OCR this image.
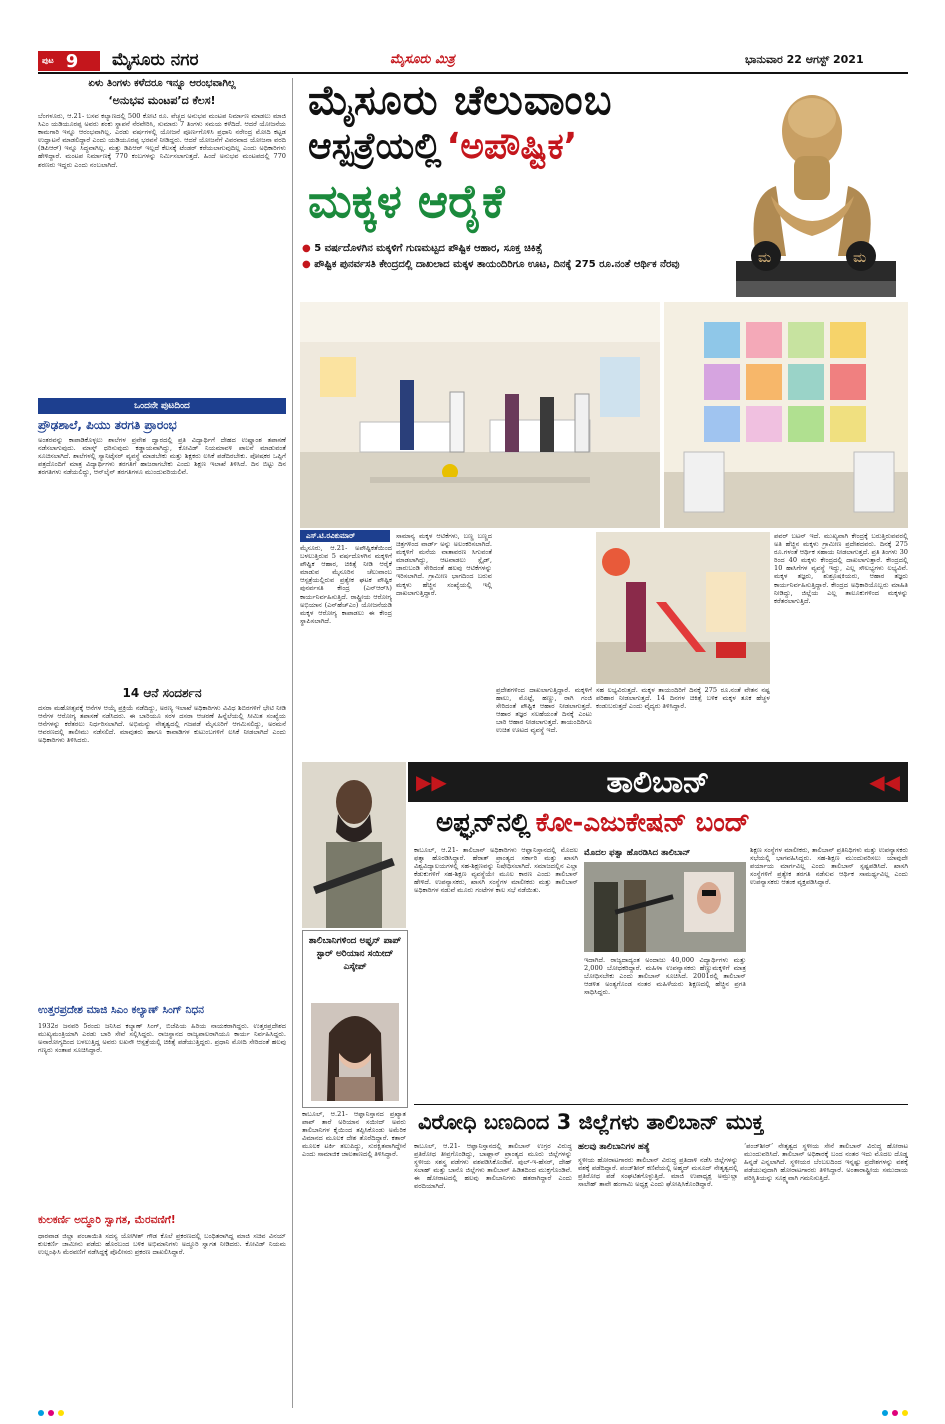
ಪುಟ 9 ಮೈಸೂರು ನಗರ	ಮೈಸೂರು ಮಿತ್ರ	ಭಾನುವಾರ 22 ಆಗಸ್ಟ್ 2021
ಏಳು ತಿಂಗಳು ಕಳೆದರೂ ಇನ್ನೂ ಆರಂಭವಾಗಿಲ್ಲ
‘ಅನುಭವ ಮಂಟಪ’ದ ಕೆಲಸ!
ಬೆಂಗಳೂರು, ಆ.21- ಬಸವ ಕಲ್ಯಾಣದಲ್ಲಿ 500 ಕೋಟಿ ರೂ. ವೆಚ್ಚದ ಅನುಭವ ಮಂಟಪ ನಿರ್ಮಾಣ ಮಾಡಲು ಮಾಜಿ ಸಿಎಂ ಯಡಿಯೂರಪ್ಪ ಅವರು ಶಂಕು ಸ್ಥಾಪನೆ ನೆರವೇರಿಸಿ, ಸುಮಾರು 7 ತಿಂಗಳು ಸಮಯ ಕಳೆದಿದೆ. ಆದರೆ ಯೋಜನೆಯ ಕಾಮಗಾರಿ ಇನ್ನೂ ಆರಂಭವಾಗಿಲ್ಲ. ಎರಡು ವರ್ಷಗಳಲ್ಲಿ ಯೋಜನೆ ಪೂರ್ಣಗೊಳಿಸಿ ಪ್ರಧಾನಿ ನರೇಂದ್ರ ಮೋದಿ ಕಟ್ಟಡ ಉದ್ಘಾಟನೆ ಮಾಡಲಿದ್ದಾರೆ ಎಂದು ಯಡಿಯೂರಪ್ಪ ಭರವಸೆ ನೀಡಿದ್ದರು. ಆದರೆ ಯೋಜನೆಗೆ ವಿವರವಾದ ಯೋಜನಾ ವರದಿ (ಡಿಪಿಆರ್) ಇನ್ನೂ ಸಿದ್ಧವಾಗಿಲ್ಲ. ಮತ್ತು ಡಿಪಿಆರ್ ಇಲ್ಲದೆ ಕೆಲಸಕ್ಕೆ ಟೆಂಡರ್ ಕರೆಯಲಾಗುವುದಿಲ್ಲ ಎಂದು ಅಧಿಕಾರಿಗಳು ಹೇಳಿದ್ದಾರೆ. ಮಂಟಪ ನಿರ್ಮಾಣಕ್ಕೆ 770 ಕಂಬಗಳನ್ನು ನಿರ್ಮಿಸಲಾಗುತ್ತದೆ. ಹಿಂದೆ ಅನುಭವ ಮಂಟಪದಲ್ಲಿ 770 ಶರಣರು ಇದ್ದರು ಎಂದು ನಂಬಲಾಗಿದೆ.
ಒಂದನೇ ಪುಟದಿಂದ
ಪ್ರೌಢಶಾಲೆ, ಪಿಯು ತರಗತಿ ಪ್ರಾರಂಭ
ಅಂತರವನ್ನು ಕಾಪಾಡಿಕೊಳ್ಳಲು ಶಾಲೆಗಳ ಪ್ರವೇಶ ದ್ವಾರದಲ್ಲಿ ಪ್ರತಿ ವಿದ್ಯಾರ್ಥಿಗೆ ದೇಹದ ಉಷ್ಣಾಂಶ ತಪಾಸಣೆ ನಡೆಸಲಾಗುವುದು. ಮಾಸ್ಕ್ ಧರಿಸುವುದು ಕಡ್ಡಾಯವಾಗಿದ್ದು, ಕೋವಿಡ್ ನಿಯಮಾವಳಿ ಪಾಲನೆ ಮಾಡುವಂತೆ ಸೂಚಿಸಲಾಗಿದೆ. ಶಾಲೆಗಳಲ್ಲಿ ಸ್ಯಾನಿಟೈಸರ್ ವ್ಯವಸ್ಥೆ ಮಾಡಬೇಕು ಮತ್ತು ಶಿಕ್ಷಕರು ಲಸಿಕೆ ಪಡೆದಿರಬೇಕು. ಪೋಷಕರ ಒಪ್ಪಿಗೆ ಪತ್ರದೊಂದಿಗೆ ಮಾತ್ರ ವಿದ್ಯಾರ್ಥಿಗಳು ತರಗತಿಗೆ ಹಾಜರಾಗಬೇಕು ಎಂದು ಶಿಕ್ಷಣ ಇಲಾಖೆ ತಿಳಿಸಿದೆ. ದಿನ ಬಿಟ್ಟು ದಿನ ತರಗತಿಗಳು ನಡೆಯಲಿದ್ದು, ಆನ್‌ಲೈನ್ ತರಗತಿಗಳೂ ಮುಂದುವರಿಯಲಿವೆ.
14 ಆನೆ ಸಂದರ್ಶನ
ದಸರಾ ಮಹೋತ್ಸವಕ್ಕೆ ಆನೆಗಳ ಆಯ್ಕೆ ಪ್ರಕ್ರಿಯೆ ನಡೆದಿದ್ದು, ಅರಣ್ಯ ಇಲಾಖೆ ಅಧಿಕಾರಿಗಳು ವಿವಿಧ ಶಿಬಿರಗಳಿಗೆ ಭೇಟಿ ನೀಡಿ ಆನೆಗಳ ಆರೋಗ್ಯ ತಪಾಸಣೆ ನಡೆಸಿದರು. ಈ ಬಾರಿಯೂ ಸರಳ ದಸರಾ ಆಚರಣೆ ಹಿನ್ನೆಲೆಯಲ್ಲಿ ಸೀಮಿತ ಸಂಖ್ಯೆಯ ಆನೆಗಳನ್ನು ಕರೆತರಲು ನಿರ್ಧರಿಸಲಾಗಿದೆ. ಅಭಿಮನ್ಯು ನೇತೃತ್ವದಲ್ಲಿ ಗಜಪಡೆ ಮೈಸೂರಿಗೆ ಆಗಮಿಸಲಿದ್ದು, ಅರಮನೆ ಆವರಣದಲ್ಲಿ ತಾಲೀಮು ನಡೆಸಲಿದೆ. ಮಾವುತರು ಹಾಗೂ ಕಾವಾಡಿಗಳ ಕುಟುಂಬಗಳಿಗೆ ಲಸಿಕೆ ನೀಡಲಾಗಿದೆ ಎಂದು ಅಧಿಕಾರಿಗಳು ತಿಳಿಸಿದರು.
ಉತ್ತರಪ್ರದೇಶ ಮಾಜಿ ಸಿಎಂ ಕಲ್ಯಾಣ್ ಸಿಂಗ್ ನಿಧನ
1932ರ ಜನವರಿ 5ರಂದು ಜನಿಸಿದ ಕಲ್ಯಾಣ್ ಸಿಂಗ್, ಬಿಜೆಪಿಯ ಹಿರಿಯ ನಾಯಕರಾಗಿದ್ದರು. ಉತ್ತರಪ್ರದೇಶದ ಮುಖ್ಯಮಂತ್ರಿಯಾಗಿ ಎರಡು ಬಾರಿ ಸೇವೆ ಸಲ್ಲಿಸಿದ್ದರು. ರಾಜಸ್ಥಾನದ ರಾಜ್ಯಪಾಲರಾಗಿಯೂ ಕಾರ್ಯ ನಿರ್ವಹಿಸಿದ್ದರು. ಅನಾರೋಗ್ಯದಿಂದ ಬಳಲುತ್ತಿದ್ದ ಅವರು ಲಖನೌ ಆಸ್ಪತ್ರೆಯಲ್ಲಿ ಚಿಕಿತ್ಸೆ ಪಡೆಯುತ್ತಿದ್ದರು. ಪ್ರಧಾನಿ ಮೋದಿ ಸೇರಿದಂತೆ ಹಲವು ಗಣ್ಯರು ಸಂತಾಪ ಸೂಚಿಸಿದ್ದಾರೆ.
ಕುಲಕರ್ಣಿ ಅದ್ಧೂರಿ ಸ್ವಾಗತ, ಮೆರವಣಿಗೆ!
ಧಾರವಾಡ ಜಿಲ್ಲಾ ಪಂಚಾಯಿತಿ ಸದಸ್ಯ ಯೋಗೀಶ್ ಗೌಡ ಕೊಲೆ ಪ್ರಕರಣದಲ್ಲಿ ಬಂಧಿತರಾಗಿದ್ದ ಮಾಜಿ ಸಚಿವ ವಿನಯ್ ಕುಲಕರ್ಣಿ ಜಾಮೀನು ಪಡೆದು ಹೊರಬಂದ ಬಳಿಕ ಅಭಿಮಾನಿಗಳು ಅದ್ಧೂರಿ ಸ್ವಾಗತ ನೀಡಿದರು. ಕೋವಿಡ್ ನಿಯಮ ಉಲ್ಲಂಘಿಸಿ ಮೆರವಣಿಗೆ ನಡೆಸಿದ್ದಕ್ಕೆ ಪೊಲೀಸರು ಪ್ರಕರಣ ದಾಖಲಿಸಿದ್ದಾರೆ.
ಮೈಸೂರು ಚೆಲುವಾಂಬ
ಆಸ್ಪತ್ರೆಯಲ್ಲಿ ‘ಅಪೌಷ್ಟಿಕ’
ಮಕ್ಕಳ ಆರೈಕೆ
ಮ	ಮ
● 5 ವರ್ಷದೊಳಗಿನ ಮಕ್ಕಳಿಗೆ ಗುಣಮಟ್ಟದ ಪೌಷ್ಟಿಕ ಆಹಾರ, ಸೂಕ್ತ ಚಿಕಿತ್ಸೆ
● ಪೌಷ್ಟಿಕ ಪುನರ್ವಸತಿ ಕೇಂದ್ರದಲ್ಲಿ ದಾಖಲಾದ ಮಕ್ಕಳ ತಾಯಂದಿರಿಗೂ ಊಟ, ದಿನಕ್ಕೆ 275 ರೂ.ನಂತೆ ಆರ್ಥಿಕ ನೆರವು
ಎಸ್.ಟಿ.ರವಿಕುಮಾರ್
ಮೈಸೂರು, ಆ.21- ಅಪೌಷ್ಟಿಕತೆಯಿಂದ ಬಳಲುತ್ತಿರುವ 5 ವರ್ಷದೊಳಗಿನ ಮಕ್ಕಳಿಗೆ ಪೌಷ್ಟಿಕ ಆಹಾರ, ಚಿಕಿತ್ಸೆ ನೀಡಿ ಆರೈಕೆ ಮಾಡುವ ಮೈಸೂರಿನ ಚೆಲುವಾಂಬ ಆಸ್ಪತ್ರೆಯಲ್ಲಿರುವ ಪ್ರತ್ಯೇಕ ಘಟಕ ಪೌಷ್ಟಿಕ ಪುನರ್ವಸತಿ ಕೇಂದ್ರ (ಎನ್‌ಆರ್‌ಸಿ) ಕಾರ್ಯನಿರ್ವಹಿಸುತ್ತಿದೆ. ರಾಷ್ಟ್ರೀಯ ಆರೋಗ್ಯ ಅಭಿಯಾನ (ಎನ್‌ಹೆಚ್‌ಎಂ) ಯೋಜನೆಯಡಿ ಮಕ್ಕಳ ಆರೋಗ್ಯ ಕಾಪಾಡಲು ಈ ಕೇಂದ್ರ ಸ್ಥಾಪಿಸಲಾಗಿದೆ.
ಸಾಮಾನ್ಯ ಮಕ್ಕಳ ಆಟಿಕೆಗಳು, ಬಣ್ಣ ಬಣ್ಣದ ಚಿತ್ರಗಳಿಂದ ವಾರ್ಡ್ ಅನ್ನು ಅಲಂಕರಿಸಲಾಗಿದೆ. ಮಕ್ಕಳಿಗೆ ಮನೆಯ ವಾತಾವರಣ ಸಿಗುವಂತೆ ಮಾಡಲಾಗಿದ್ದು, ಆಟವಾಡಲು ಸ್ಲೈಡ್, ಜಾರುಬಂಡಿ ಸೇರಿದಂತೆ ಹಲವು ಆಟಿಕೆಗಳನ್ನು ಇರಿಸಲಾಗಿದೆ. ಗ್ರಾಮೀಣ ಭಾಗದಿಂದ ಬರುವ ಮಕ್ಕಳು ಹೆಚ್ಚಿನ ಸಂಖ್ಯೆಯಲ್ಲಿ ಇಲ್ಲಿ ದಾಖಲಾಗುತ್ತಿದ್ದಾರೆ.
ಪ್ರದೇಶಗಳಿಂದ ದಾಖಲಾಗುತ್ತಿದ್ದಾರೆ. ಮಕ್ಕಳಿಗೆ ಹಾಲು, ಮೊಟ್ಟೆ, ಹಣ್ಣು, ರಾಗಿ ಗಂಜಿ ಸೇರಿದಂತೆ ಪೌಷ್ಟಿಕ ಆಹಾರ ನೀಡಲಾಗುತ್ತದೆ. ಆಹಾರ ತಜ್ಞರ ಸಲಹೆಯಂತೆ ದಿನಕ್ಕೆ ಎಂಟು ಬಾರಿ ಆಹಾರ ನೀಡಲಾಗುತ್ತದೆ. ತಾಯಂದಿರಿಗೂ ಉಚಿತ ಊಟದ ವ್ಯವಸ್ಥೆ ಇದೆ.
ಸಹ ಲಭ್ಯವಿರುತ್ತದೆ. ಮಕ್ಕಳ ತಾಯಂದಿರಿಗೆ ದಿನಕ್ಕೆ 275 ರೂ.ನಂತೆ ವೇತನ ನಷ್ಟ ಪರಿಹಾರ ನೀಡಲಾಗುತ್ತದೆ. 14 ದಿನಗಳ ಚಿಕಿತ್ಸೆ ಬಳಿಕ ಮಕ್ಕಳ ತೂಕ ಹೆಚ್ಚಳ ಕಂಡುಬರುತ್ತದೆ ಎಂದು ವೈದ್ಯರು ತಿಳಿಸಿದ್ದಾರೆ.
ಪವರ್ ಬಟನ್ ಇದೆ. ಮುಖ್ಯವಾಗಿ ಕೇಂದ್ರಕ್ಕೆ ಬರುತ್ತಿರುವವರಲ್ಲಿ ಅತಿ ಹೆಚ್ಚಿನ ಮಕ್ಕಳು ಗ್ರಾಮೀಣ ಪ್ರದೇಶದವರು. ದಿನಕ್ಕೆ 275 ರೂ.ಗಳಂತೆ ಆರ್ಥಿಕ ಸಹಾಯ ನೀಡಲಾಗುತ್ತದೆ. ಪ್ರತಿ ತಿಂಗಳು 30 ರಿಂದ 40 ಮಕ್ಕಳು ಕೇಂದ್ರದಲ್ಲಿ ದಾಖಲಾಗುತ್ತಾರೆ. ಕೇಂದ್ರದಲ್ಲಿ 10 ಹಾಸಿಗೆಗಳ ವ್ಯವಸ್ಥೆ ಇದ್ದು, ಎಲ್ಲ ಸೌಲಭ್ಯಗಳು ಲಭ್ಯವಿವೆ. ಮಕ್ಕಳ ತಜ್ಞರು, ಶುಶ್ರೂಷಕಿಯರು, ಆಹಾರ ತಜ್ಞರು ಕಾರ್ಯನಿರ್ವಹಿಸುತ್ತಿದ್ದಾರೆ. ಕೇಂದ್ರದ ಅಧಿಕಾರಿಯೊಬ್ಬರು ಮಾಹಿತಿ ನೀಡಿದ್ದು, ಜಿಲ್ಲೆಯ ಎಲ್ಲ ತಾಲೂಕುಗಳಿಂದ ಮಕ್ಕಳನ್ನು ಕರೆತರಲಾಗುತ್ತಿದೆ.
▶▶	ತಾಲಿಬಾನ್	◀◀
ಅಫ್ಘನ್‌ನಲ್ಲಿ ಕೋ-ಎಜುಕೇಷನ್ ಬಂದ್
ತಾಲಿಬಾನಿಗಳಿಂದ ಅಫ್ಘನ್ ಪಾಪ್ ಸ್ಟಾರ್ ಅರಿಯಾನ ಸಯೀದ್ ಎಸ್ಕೇಪ್
ಕಾಬೂಲ್, ಆ.21- ಆಫ್ಘಾನಿಸ್ತಾನದ ಪ್ರಖ್ಯಾತ ಪಾಪ್ ತಾರೆ ಅರಿಯಾನ ಸಯೀದ್ ಅವರು ತಾಲಿಬಾನಿಗಳ ಕೈಯಿಂದ ತಪ್ಪಿಸಿಕೊಂಡು ಅಮೆರಿಕ ವಿಮಾನದ ಮೂಲಕ ದೇಶ ತೊರೆದಿದ್ದಾರೆ. ಕತಾರ್ ಮೂಲಕ ಟರ್ಕಿ ತಲುಪಿದ್ದು, ಸುರಕ್ಷಿತವಾಗಿದ್ದೇನೆ ಎಂದು ಸಾಮಾಜಿಕ ಜಾಲತಾಣದಲ್ಲಿ ತಿಳಿಸಿದ್ದಾರೆ.
ಕಾಬೂಲ್, ಆ.21- ತಾಲಿಬಾನ್ ಅಧಿಕಾರಿಗಳು ಆಫ್ಘಾನಿಸ್ತಾನದಲ್ಲಿ ಮೊದಲ ಫತ್ವಾ ಹೊರಡಿಸಿದ್ದಾರೆ. ಹೆರಾತ್ ಪ್ರಾಂತ್ಯದ ಸರ್ಕಾರಿ ಮತ್ತು ಖಾಸಗಿ ವಿಶ್ವವಿದ್ಯಾಲಯಗಳಲ್ಲಿ ಸಹ-ಶಿಕ್ಷಣವನ್ನು ನಿಷೇಧಿಸಲಾಗಿದೆ. ಸಮಾಜದಲ್ಲಿನ ಎಲ್ಲಾ ಕೆಡುಕುಗಳಿಗೆ ಸಹ-ಶಿಕ್ಷಣ ವ್ಯವಸ್ಥೆಯೇ ಮೂಲ ಕಾರಣ ಎಂದು ತಾಲಿಬಾನ್ ಹೇಳಿದೆ. ಉಪನ್ಯಾಸಕರು, ಖಾಸಗಿ ಸಂಸ್ಥೆಗಳ ಮಾಲೀಕರು ಮತ್ತು ತಾಲಿಬಾನ್ ಅಧಿಕಾರಿಗಳ ನಡುವೆ ಮೂರು ಗಂಟೆಗಳ ಕಾಲ ಸಭೆ ನಡೆಯಿತು.
ಮೊದಲ ಫತ್ವಾ ಹೊರಡಿಸಿದ ತಾಲಿಬಾನ್
ಇದಾಗಿದೆ. ರಾಜ್ಯದಾದ್ಯಂತ ಅಂದಾಜು 40,000 ವಿದ್ಯಾರ್ಥಿಗಳು ಮತ್ತು 2,000 ಬೋಧಕರಿದ್ದಾರೆ. ಮಹಿಳಾ ಉಪನ್ಯಾಸಕರು ಹೆಣ್ಣುಮಕ್ಕಳಿಗೆ ಮಾತ್ರ ಬೋಧಿಸಬೇಕು ಎಂದು ತಾಲಿಬಾನ್ ಸೂಚಿಸಿದೆ. 2001ರಲ್ಲಿ ತಾಲಿಬಾನ್ ಆಡಳಿತ ಅಂತ್ಯಗೊಂಡ ನಂತರ ಮಹಿಳೆಯರು ಶಿಕ್ಷಣದಲ್ಲಿ ಹೆಚ್ಚಿನ ಪ್ರಗತಿ ಸಾಧಿಸಿದ್ದರು.
ಶಿಕ್ಷಣ ಸಂಸ್ಥೆಗಳ ಮಾಲೀಕರು, ತಾಲಿಬಾನ್ ಪ್ರತಿನಿಧಿಗಳು ಮತ್ತು ಉಪನ್ಯಾಸಕರು ಸಭೆಯಲ್ಲಿ ಭಾಗವಹಿಸಿದ್ದರು. ಸಹ-ಶಿಕ್ಷಣ ಮುಂದುವರಿಸಲು ಯಾವುದೇ ಪರ್ಯಾಯ ಮಾರ್ಗವಿಲ್ಲ ಎಂದು ತಾಲಿಬಾನ್ ಸ್ಪಷ್ಟಪಡಿಸಿದೆ. ಖಾಸಗಿ ಸಂಸ್ಥೆಗಳಿಗೆ ಪ್ರತ್ಯೇಕ ತರಗತಿ ನಡೆಸುವ ಆರ್ಥಿಕ ಸಾಮರ್ಥ್ಯವಿಲ್ಲ ಎಂದು ಉಪನ್ಯಾಸಕರು ಆತಂಕ ವ್ಯಕ್ತಪಡಿಸಿದ್ದಾರೆ.
ವಿರೋಧಿ ಬಣದಿಂದ 3 ಜಿಲ್ಲೆಗಳು ತಾಲಿಬಾನ್ ಮುಕ್ತ
ಕಾಬೂಲ್, ಆ.21- ಆಫ್ಘಾನಿಸ್ತಾನದಲ್ಲಿ ತಾಲಿಬಾನ್ ಉಗ್ರರ ವಿರುದ್ಧ ಪ್ರತಿರೋಧ ತೀವ್ರಗೊಂಡಿದ್ದು, ಬಾಘ್ಲಾನ್ ಪ್ರಾಂತ್ಯದ ಮೂರು ಜಿಲ್ಲೆಗಳನ್ನು ಸ್ಥಳೀಯ ಸಶಸ್ತ್ರ ಪಡೆಗಳು ವಶಪಡಿಸಿಕೊಂಡಿವೆ. ಪುಲ್-ಇ-ಹೆಸರ್, ದೇಹ್ ಸಲಾಹ್ ಮತ್ತು ಬಾನೊ ಜಿಲ್ಲೆಗಳು ತಾಲಿಬಾನ್ ಹಿಡಿತದಿಂದ ಮುಕ್ತಗೊಂಡಿವೆ. ಈ ಹೋರಾಟದಲ್ಲಿ ಹಲವು ತಾಲಿಬಾನಿಗಳು ಹತರಾಗಿದ್ದಾರೆ ಎಂದು ವರದಿಯಾಗಿದೆ.
ಹಲವು ತಾಲಿಬಾನಿಗಳ ಹತ್ಯೆ
ಸ್ಥಳೀಯ ಹೋರಾಟಗಾರರು ತಾಲಿಬಾನ್ ವಿರುದ್ಧ ಪ್ರತಿದಾಳಿ ನಡೆಸಿ ಜಿಲ್ಲೆಗಳನ್ನು ವಶಕ್ಕೆ ಪಡೆದಿದ್ದಾರೆ. ಪಂಜ್‌ಶೀರ್ ಕಣಿವೆಯಲ್ಲಿ ಅಹ್ಮದ್ ಮಸೂದ್ ನೇತೃತ್ವದಲ್ಲಿ ಪ್ರತಿರೋಧ ಪಡೆ ಸಂಘಟಿತಗೊಳ್ಳುತ್ತಿದೆ. ಮಾಜಿ ಉಪಾಧ್ಯಕ್ಷ ಅಮ್ರುಲ್ಲಾ ಸಾಲೇಹ್ ತಾವೇ ಹಂಗಾಮಿ ಅಧ್ಯಕ್ಷ ಎಂದು ಘೋಷಿಸಿಕೊಂಡಿದ್ದಾರೆ.
‘ಪಂಜ್‌ಶೀರ್’ ನೇತೃತ್ವದ ಸ್ಥಳೀಯ ಸೇನೆ ತಾಲಿಬಾನ್ ವಿರುದ್ಧ ಹೋರಾಟ ಮುಂದುವರಿಸಿದೆ. ತಾಲಿಬಾನ್ ಅಧಿಕಾರಕ್ಕೆ ಬಂದ ನಂತರ ಇದು ಮೊದಲ ದೊಡ್ಡ ಹಿನ್ನಡೆ ಎನ್ನಲಾಗಿದೆ. ಸ್ಥಳೀಯರ ಬೆಂಬಲದಿಂದ ಇನ್ನಷ್ಟು ಪ್ರದೇಶಗಳನ್ನು ವಶಕ್ಕೆ ಪಡೆಯುವುದಾಗಿ ಹೋರಾಟಗಾರರು ತಿಳಿಸಿದ್ದಾರೆ. ಅಂತಾರಾಷ್ಟ್ರೀಯ ಸಮುದಾಯ ಪರಿಸ್ಥಿತಿಯನ್ನು ಸೂಕ್ಷ್ಮವಾಗಿ ಗಮನಿಸುತ್ತಿದೆ.
